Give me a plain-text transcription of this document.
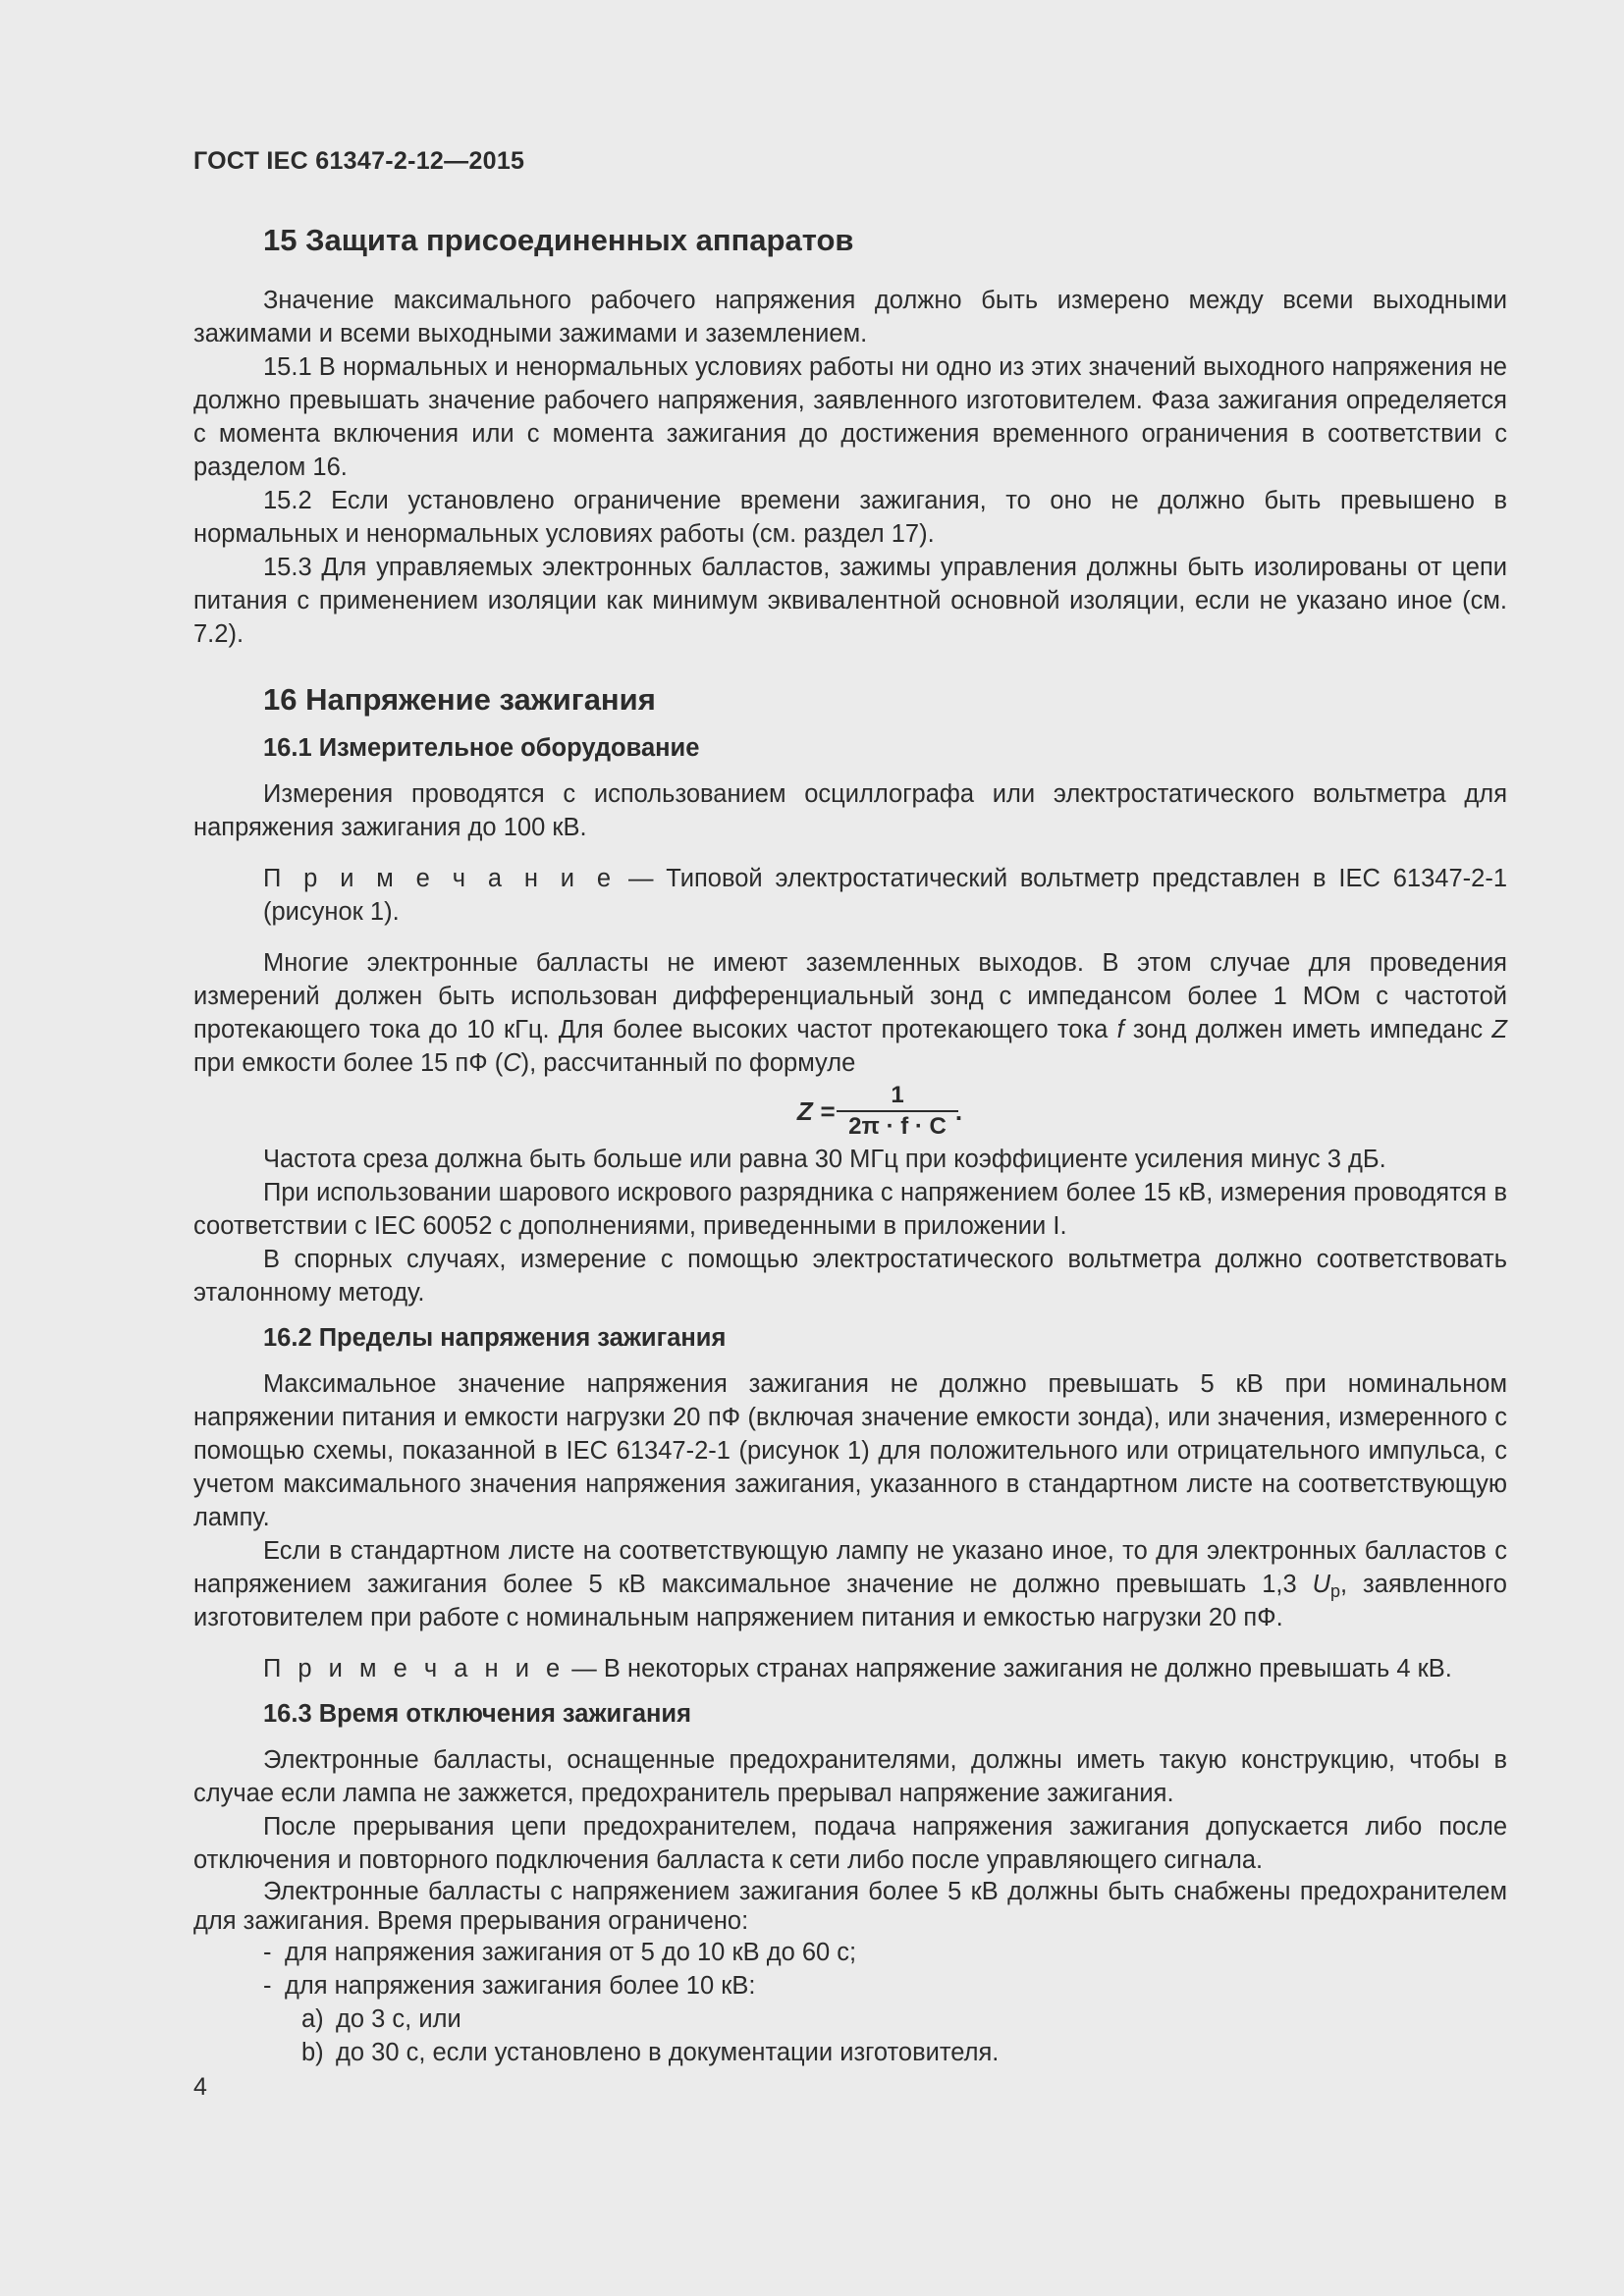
ГОСТ IEC 61347-2-12—2015
15 Защита присоединенных аппаратов

Значение максимального рабочего напряжения должно быть измерено между всеми выходными зажимами и всеми выходными зажимами и заземлением.

15.1 В нормальных и ненормальных условиях работы ни одно из этих значений выходного напряжения не должно превышать значение рабочего напряжения, заявленного изготовителем. Фаза зажигания определяется с момента включения или с момента зажигания до достижения временного ограничения в соответствии с разделом 16.

15.2 Если установлено ограничение времени зажигания, то оно не должно быть превышено в нормальных и ненормальных условиях работы (см. раздел 17).

15.3 Для управляемых электронных балластов, зажимы управления должны быть изолированы от цепи питания с применением изоляции как минимум эквивалентной основной изоляции, если не указано иное (см. 7.2).

16 Напряжение зажигания
16.1 Измерительное оборудование

Измерения проводятся с использованием осциллографа или электростатического вольтметра для напряжения зажигания до 100 кВ.

П р и м е ч а н и е — Типовой электростатический вольтметр представлен в IEC 61347-2-1 (рисунок 1).

Многие электронные балласты не имеют заземленных выходов. В этом случае для проведения измерений должен быть использован дифференциальный зонд с импедансом более 1 МОм с частотой протекающего тока до 10 кГц. Для более высоких частот протекающего тока f зонд должен иметь импеданс Z при емкости более 15 пФ (C), рассчитанный по формуле

$Z = \frac{1}{2\pi \cdot f \cdot C}$ .

Частота среза должна быть больше или равна 30 МГц при коэффициенте усиления минус 3 дБ.

При использовании шарового искрового разрядника с напряжением более 15 кВ, измерения проводятся в соответствии с IEC 60052 с дополнениями, приведенными в приложении I.

В спорных случаях, измерение с помощью электростатического вольтметра должно соответствовать эталонному методу.

16.2 Пределы напряжения зажигания

Максимальное значение напряжения зажигания не должно превышать 5 кВ при номинальном напряжении питания и емкости нагрузки 20 пФ (включая значение емкости зонда), или значения, измеренного с помощью схемы, показанной в IEC 61347-2-1 (рисунок 1) для положительного или отрицательного импульса, с учетом максимального значения напряжения зажигания, указанного в стандартном листе на соответствующую лампу.

Если в стандартном листе на соответствующую лампу не указано иное, то для электронных балластов с напряжением зажигания более 5 кВ максимальное значение не должно превышать 1,3 $U_p$, заявленного изготовителем при работе с номинальным напряжением питания и емкостью нагрузки 20 пФ.

П р и м е ч а н и е — В некоторых странах напряжение зажигания не должно превышать 4 кВ.

16.3 Время отключения зажигания

Электронные балласты, оснащенные предохранителями, должны иметь такую конструкцию, чтобы в случае если лампа не зажжется, предохранитель прерывал напряжение зажигания.

После прерывания цепи предохранителем, подача напряжения зажигания допускается либо после отключения и повторного подключения балласта к сети либо после управляющего сигнала.

Электронные балласты с напряжением зажигания более 5 кВ должны быть снабжены предохранителем для зажигания. Время прерывания ограничено:

- для напряжения зажигания от 5 до 10 кВ до 60 с;
- для напряжения зажигания более 10 кВ:
a) до 3 с, или
b) до 30 с, если установлено в документации изготовителя.
4
